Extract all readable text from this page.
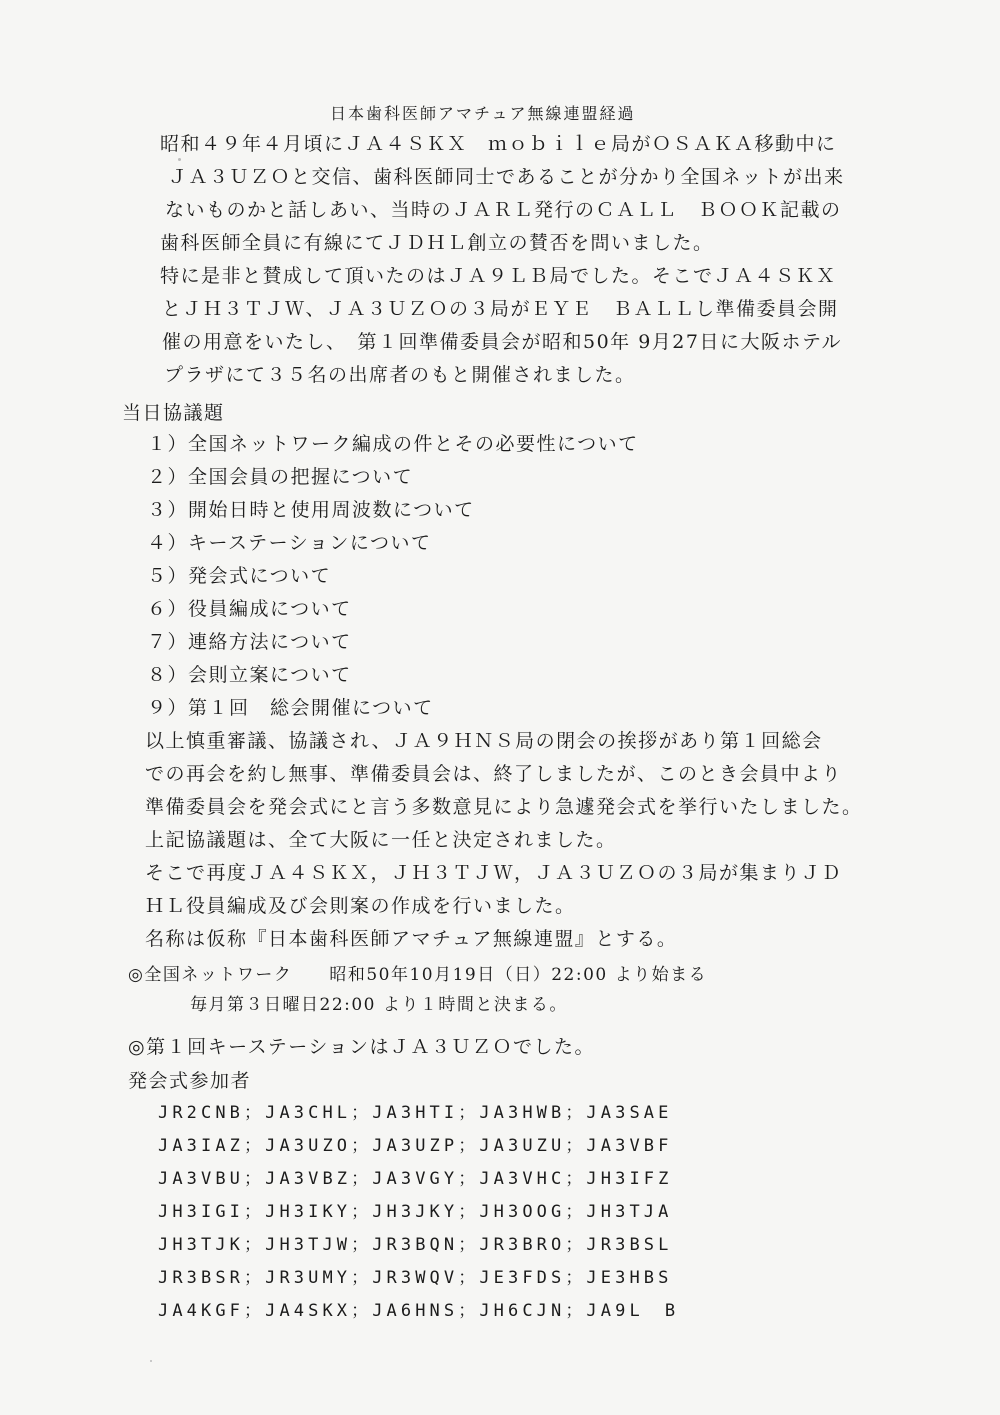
日本歯科医師アマチュア無線連盟経過
昭和４９年４月頃にＪＡ４ＳＫＸ　ｍｏｂｉｌｅ局がＯＳＡＫＡ移動中に
ＪＡ３ＵＺＯと交信、歯科医師同士であることが分かり全国ネットが出来
ないものかと話しあい、当時のＪＡＲＬ発行のＣＡＬＬ　ＢＯＯＫ記載の
歯科医師全員に有線にてＪＤＨＬ創立の賛否を問いました。
特に是非と賛成して頂いたのはＪＡ９ＬＢ局でした。そこでＪＡ４ＳＫＸ
とＪＨ３ＴＪＷ、ＪＡ３ＵＺＯの３局がＥＹＥ　ＢＡＬＬし準備委員会開
催の用意をいたし、　第１回準備委員会が昭和50年 9月27日に大阪ホテル
プラザにて３５名の出席者のもと開催されました。
当日協議題
１）全国ネットワーク編成の件とその必要性について
２）全国会員の把握について
３）開始日時と使用周波数について
４）キーステーションについて
５）発会式について
６）役員編成について
７）連絡方法について
８）会則立案について
９）第１回　総会開催について
以上慎重審議、協議され、ＪＡ９ＨＮＳ局の閉会の挨拶があり第１回総会
での再会を約し無事、準備委員会は、終了しましたが、このとき会員中より
準備委員会を発会式にと言う多数意見により急遽発会式を挙行いたしました。
上記協議題は、全て大阪に一任と決定されました。
そこで再度ＪＡ４ＳＫＸ，ＪＨ３ＴＪＷ，ＪＡ３ＵＺＯの３局が集まりＪＤ
ＨＬ役員編成及び会則案の作成を行いました。
名称は仮称『日本歯科医師アマチュア無線連盟』とする。
◎全国ネットワーク　　昭和50年10月19日（日）22:00 より始まる
毎月第３日曜日22:00 より１時間と決まる。
◎第１回キーステーションはＪＡ３ＵＺＯでした。
発会式参加者
JR2CNB；JA3CHL；JA3HTI；JA3HWB；JA3SAE
JA3IAZ；JA3UZO；JA3UZP；JA3UZU；JA3VBF
JA3VBU；JA3VBZ；JA3VGY；JA3VHC；JH3IFZ
JH3IGI；JH3IKY；JH3JKY；JH3OOG；JH3TJA
JH3TJK；JH3TJW；JR3BQN；JR3BRO；JR3BSL
JR3BSR；JR3UMY；JR3WQV；JE3FDS；JE3HBS
JA4KGF；JA4SKX；JA6HNS；JH6CJN；JA9L　B
